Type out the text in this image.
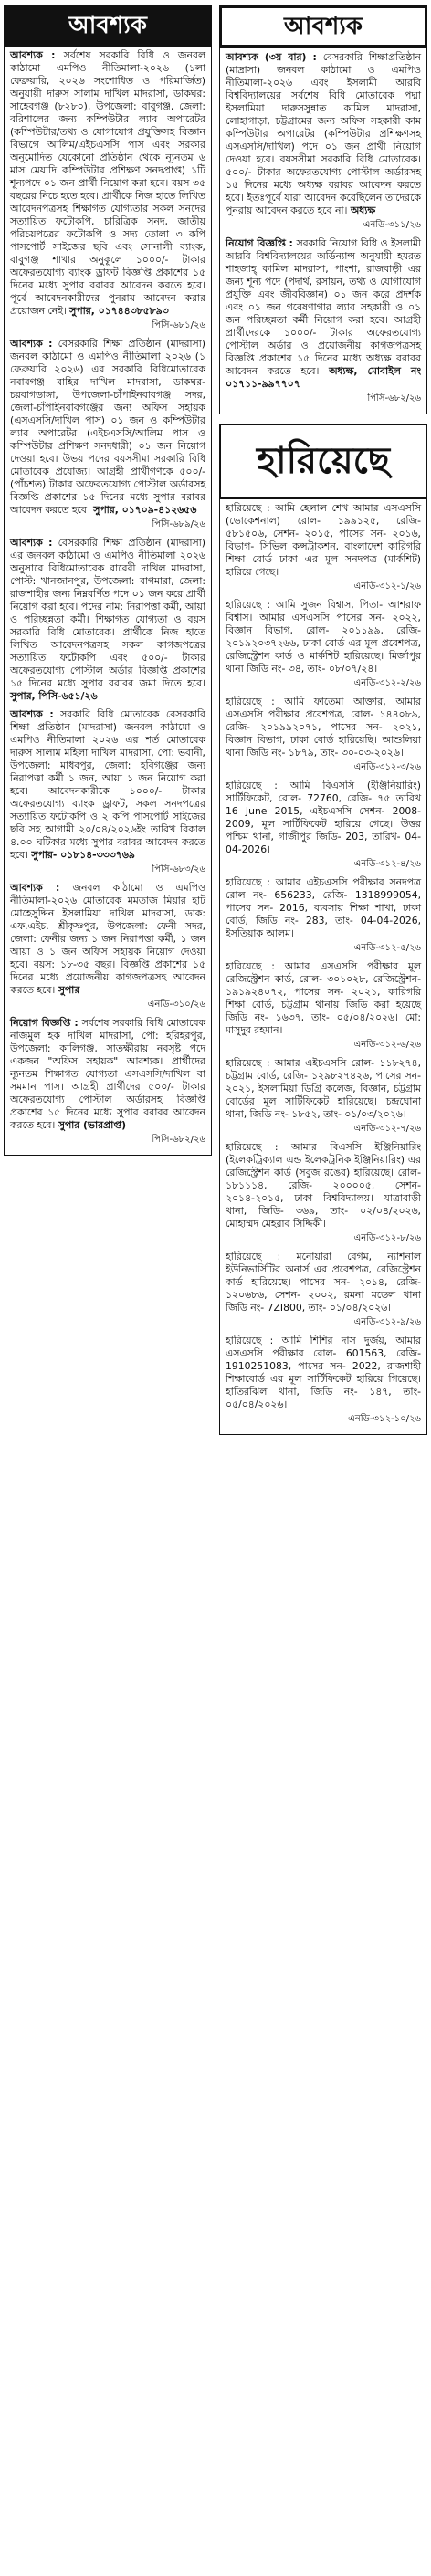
আবশ্যক

আবশ্যক : সর্বশেষ সরকারি বিধি ও জনবল কাঠামো এমপিও নীতিমালা-২০২৬ (১লা ফেব্রুয়ারি, ২০২৬ সংশোধিত ও পরিমার্জিত) অনুযায়ী দারুস সালাম দাখিল মাদরাসা, ডাকঘর: সাহেবগঞ্জ (৮২৮০), উপজেলা: বাবুগঞ্জ, জেলা: বরিশালের জন্য কম্পিউটার ল্যাব অপারেটর (কম্পিউটার/তথ্য ও যোগাযোগ প্রযুক্তিসহ বিজ্ঞান বিভাগে আলিম/এইচএসসি পাস এবং সরকার অনুমোদিত যেকোনো প্রতিষ্ঠান থেকে ন্যূনতম ৬ মাস মেয়াদি কম্পিউটার প্রশিক্ষণ সনদপ্রাপ্ত) ১টি শূন্যপদে ০১ জন প্রার্থী নিয়োগ করা হবে। বয়স ৩৫ বছরের নিচে হতে হবে। প্রার্থীকে নিজ হাতে লিখিত আবেদনপত্রসহ শিক্ষাগত যোগ্যতার সকল সনদের সত্যায়িত ফটোকপি, চারিত্রিক সনদ, জাতীয় পরিচয়পত্রের ফটোকপি ও সদ্য তোলা ৩ কপি পাসপোর্ট সাইজের ছবি এবং সোনালী ব্যাংক, বাবুগঞ্জ শাখার অনুকূলে ১০০০/- টাকার অফেরতযোগ্য ব্যাংক ড্রাফট বিজ্ঞপ্তি প্রকাশের ১৫ দিনের মধ্যে সুপার বরাবর আবেদন করতে হবে। পূর্বে আবেদনকারীদের পুনরায় আবেদন করার প্রয়োজন নেই। সুপার, ০১৭৪৪৩৮৫৮৯৩

পিসি-৬৮১/২৬

আবশ্যক : বেসরকারি শিক্ষা প্রতিষ্ঠান (মাদরাসা) জনবল কাঠামো ও এমপিও নীতিমালা ২০২৬ (১ ফেব্রুয়ারি ২০২৬) এর সরকারি বিধিমোতাবেক নবাবগঞ্জ বাহির দাখিল মাদরাসা, ডাকঘর-চরবাগডাঙ্গা, উপজেলা-চাঁপাইনবাবগঞ্জ সদর, জেলা-চাঁপাইনবাবগঞ্জের জন্য অফিস সহায়ক (এসএসসি/দাখিল পাস) ০১ জন ও কম্পিউটার ল্যাব অপারেটর (এইচএসসি/আলিম পাস ও কম্পিউটার প্রশিক্ষণ সনদধারী) ০১ জন নিয়োগ দেওয়া হবে। উভয় পদের বয়সসীমা সরকারি বিধি মোতাবেক প্রযোজ্য। আগ্রহী প্রার্থীগণকে ৫০০/- (পাঁচশত) টাকার অফেরতযোগ্য পোস্টাল অর্ডারসহ বিজ্ঞপ্তি প্রকাশের ১৫ দিনের মধ্যে সুপার বরাবর আবেদন করতে হবে। সুপার, ০১৭০৯-৪১২৬৫৬

পিসি-৬৮৯/২৬

আবশ্যক : বেসরকারি শিক্ষা প্রতিষ্ঠান (মাদরাসা) এর জনবল কাঠামো ও এমপিও নীতিমালা ২০২৬ অনুসারে বিধিমোতাবেক রারেরী দাখিল মাদরাসা, পোস্ট: খানজানপুর, উপজেলা: বাগমারা, জেলা: রাজশাহীর জন্য নিম্নবর্ণিত পদে ০১ জন করে প্রার্থী নিয়োগ করা হবে। পদের নাম: নিরাপত্তা কর্মী, আয়া ও পরিচ্ছন্নতা কর্মী। শিক্ষাগত যোগ্যতা ও বয়স সরকারি বিধি মোতাবেক। প্রার্থীকে নিজ হাতে লিখিত আবেদনপত্রসহ সকল কাগজপত্রের সত্যায়িত ফটোকপি এবং ৫০০/- টাকার অফেরতযোগ্য পোস্টাল অর্ডার বিজ্ঞপ্তি প্রকাশের ১৫ দিনের মধ্যে সুপার বরাবর জমা দিতে হবে। সুপার, পিসি-৬৫১/২৬

আবশ্যক : সরকারি বিধি মোতাবেক বেসরকারি শিক্ষা প্রতিষ্ঠান (মাদরাসা) জনবল কাঠামো ও এমপিও নীতিমালা ২০২৬ এর শর্ত মোতাবেক দারুস সালাম মহিলা দাখিল মাদরাসা, পো: ভবানী, উপজেলা: মাধবপুর, জেলা: হবিগঞ্জের জন্য নিরাপত্তা কর্মী ১ জন, আয়া ১ জন নিয়োগ করা হবে। আবেদনকারীকে ১০০০/- টাকার অফেরতযোগ্য ব্যাংক ড্রাফট, সকল সনদপত্রের সত্যায়িত ফটোকপি ও ২ কপি পাসপোর্ট সাইজের ছবি সহ আগামী ২০/০৪/২০২৬ইং তারিখ বিকাল ৪.০০ ঘটিকার মধ্যে সুপার বরাবর আবেদন করতে হবে। সুপার- ০১৮১৪-৩৩৩৭৬৯

পিসি-৬৮৩/২৬

আবশ্যক : জনবল কাঠামো ও এমপিও নীতিমালা-২০২৬ মোতাবেক মমতাজ মিয়ার হাট মোহেসুদ্দিন ইসলামিয়া দাখিল মাদরাসা, ডাক: এফ.এইচ. শ্রীকৃষ্ণপুর, উপজেলা: ফেনী সদর, জেলা: ফেনীর জন্য ১ জন নিরাপত্তা কর্মী, ১ জন আয়া ও ১ জন অফিস সহায়ক নিয়োগ দেওয়া হবে। বয়স: ১৮-৩৫ বছর। বিজ্ঞপ্তি প্রকাশের ১৫ দিনের মধ্যে প্রয়োজনীয় কাগজপত্রসহ আবেদন করতে হবে। সুপার

এনডি-৩১০/২৬

নিয়োগ বিজ্ঞপ্তি : সর্বশেষ সরকারি বিধি মোতাবেক নাজমুল হক দাখিল মাদরাসা, পো: হরিহরপুর, উপজেলা: কালিগঞ্জ, সাতক্ষীরায় নবসৃষ্ট পদে একজন "অফিস সহায়ক" আবশ্যক। প্রার্থীদের ন্যূনতম শিক্ষাগত যোগ্যতা এসএসসি/দাখিল বা সমমান পাস। আগ্রহী প্রার্থীদের ৫০০/- টাকার অফেরতযোগ্য পোস্টাল অর্ডারসহ বিজ্ঞপ্তি প্রকাশের ১৫ দিনের মধ্যে সুপার বরাবর আবেদন করতে হবে। সুপার (ভারপ্রাপ্ত)

পিসি-৬৮২/২৬
আবশ্যক

আবশ্যক (৩য় বার) : বেসরকারি শিক্ষাপ্রতিষ্ঠান (মাদ্রাসা) জনবল কাঠামো ও এমপিও নীতিমালা-২০২৬ এবং ইসলামী আরবি বিশ্ববিদ্যালয়ের সর্বশেষ বিধি মোতাবেক পদ্মা ইসলামিয়া দারুসসুন্নাত কামিল মাদরাসা, লোহাগাড়া, চট্টগ্রামের জন্য অফিস সহকারী কাম কম্পিউটার অপারেটর (কম্পিউটার প্রশিক্ষণসহ এসএসসি/দাখিল) পদে ০১ জন প্রার্থী নিয়োগ দেওয়া হবে। বয়সসীমা সরকারি বিধি মোতাবেক। ৫০০/- টাকার অফেরতযোগ্য পোস্টাল অর্ডারসহ ১৫ দিনের মধ্যে অধ্যক্ষ বরাবর আবেদন করতে হবে। ইতঃপূর্বে যারা আবেদন করেছিলেন তাদেরকে পুনরায় আবেদন করতে হবে না। অধ্যক্ষ

এনডি-৩১১/২৬

নিয়োগ বিজ্ঞপ্তি : সরকারি নিয়োগ বিধি ও ইসলামী আরবি বিশ্ববিদ্যালয়ের অর্ডিন্যান্স অনুযায়ী হযরত শাহজাহ্ কামিল মাদরাসা, পাংশা, রাজবাড়ী এর জন্য শূন্য পদে (পদার্থ, রসায়ন, তথ্য ও যোগাযোগ প্রযুক্তি এবং জীববিজ্ঞান) ০১ জন করে প্রদর্শক এবং ০১ জন গবেষণাগার ল্যাব সহকারী ও ০১ জন পরিচ্ছন্নতা কর্মী নিয়োগ করা হবে। আগ্রহী প্রার্থীদেরকে ১০০০/- টাকার অফেরতযোগ্য পোস্টাল অর্ডার ও প্রয়োজনীয় কাগজপত্রসহ বিজ্ঞপ্তি প্রকাশের ১৫ দিনের মধ্যে অধ্যক্ষ বরাবর আবেদন করতে হবে। অধ্যক্ষ, মোবাইল নং ০১৭১১-৯৯৭৭০৭

পিসি-৬৮২/২৬
হারিয়েছে

হারিয়েছে : আমি হেলাল শেখ আমার এসএসসি (ভোকেশনাল) রোল- ১৯৯১২৫, রেজি- ৫৮১৫০৬, সেশন- ২০১৫, পাসের সন- ২০১৬, বিভাগ- সিভিল কন্সট্রাকশন, বাংলাদেশ কারিগরি শিক্ষা বোর্ড ঢাকা এর মূল সনদপত্র (মার্কশিট) হারিয়ে গেছে।

এনডি-৩১২-১/২৬

হারিয়েছে : আমি সুজন বিশ্বাস, পিতা- আশরাফ বিশ্বাস। আমার এসএসসি পাসের সন- ২০২২, বিজ্ঞান বিভাগ, রোল- ২০১১৯৯, রেজি- ২০১৯২০৩৭২৬৬, ঢাকা বোর্ড এর মূল প্রবেশপত্র, রেজিস্ট্রেশন কার্ড ও মার্কশিট হারিয়েছে। মির্জাপুর থানা জিডি নং- ৩৪, তাং- ০৮/০৭/২৪।

এনডি-৩১২-২/২৬

হারিয়েছে : আমি ফাতেমা আক্তার, আমার এসএসসি পরীক্ষার প্রবেশপত্র, রোল- ১৪৪০৮৯, রেজি- ২০১৯৯২০৭১, পাসের সন- ২০২১, বিজ্ঞান বিভাগ, ঢাকা বোর্ড হারিয়েছি। আশুলিয়া থানা জিডি নং- ১৮৭৯, তাং- ৩০-০৩-২০২৬।

এনডি-৩১২-৩/২৬

হারিয়েছে : আমি বিএসসি (ইঞ্জিনিয়ারিং) সার্টিফিকেট, রোল- 72760, রেজি- ৭৫ তারিখ 16 June 2015, এইচএসসি সেশন- 2008-2009, মূল সার্টিফিকেট হারিয়ে গেছে। উত্তর পশ্চিম থানা, গাজীপুর জিডি- 203, তারিখ- 04-04-2026।

এনডি-৩১২-৪/২৬

হারিয়েছে : আমার এইচএসসি পরীক্ষার সনদপত্র রোল নং- 656233, রেজি- 1318999054, পাসের সন- 2016, ব্যবসায় শিক্ষা শাখা, ঢাকা বোর্ড, জিডি নং- 283, তাং- 04-04-2026, ইসতিয়াক আলম।

এনডি-৩১২-৫/২৬

হারিয়েছে : আমার এসএসসি পরীক্ষার মূল রেজিস্ট্রেশন কার্ড, রোল- ৩০১০২৮, রেজিস্ট্রেশন- ১৯১৯২৪০৭২, পাসের সন- ২০২১, কারিগরি শিক্ষা বোর্ড, চট্টগ্রাম থানায় জিডি করা হয়েছে জিডি নং- ১৬৩৭, তাং- ০৫/০৪/২০২৬। মো: মাসুদুর রহমান।

এনডি-৩১২-৬/২৬

হারিয়েছে : আমার এইচএসসি রোল- ১১৮২৭৪, চট্টগ্রাম বোর্ড, রেজি- ১২৯৮২৭৪২৬, পাসের সন- ২০২১, ইসলামিয়া ডিগ্রি কলেজ, বিজ্ঞান, চট্টগ্রাম বোর্ডের মূল সার্টিফিকেট হারিয়েছে। চন্দ্রঘোনা থানা, জিডি নং- ১৮৫২, তাং- ০১/০৩/২০২৬।

এনডি-৩১২-৭/২৬

হারিয়েছে : আমার বিএসসি ইঞ্জিনিয়ারিং (ইলেকট্রিক্যাল এন্ড ইলেকট্রনিক ইঞ্জিনিয়ারিং) এর রেজিস্ট্রেশন কার্ড (সবুজ রঙের) হারিয়েছে। রোল- ১৮১১১৪, রেজি- ২০০০০৫, সেশন- ২০১৪-২০১৫, ঢাকা বিশ্ববিদ্যালয়। যাত্রাবাড়ী থানা, জিডি- ৩৬৯, তাং- ০২/০৪/২০২৬, মোহাম্মদ মেহরাব সিদ্দিকী।

এনডি-৩১২-৮/২৬

হারিয়েছে : মনোয়ারা বেগম, ন্যাশনাল ইউনিভার্সিটির অনার্স এর প্রবেশপত্র, রেজিস্ট্রেশন কার্ড হারিয়েছে। পাসের সন- ২০১৪, রেজি- ১২০৬৮৬, সেশন- ২০০২, রমনা মডেল থানা জিডি নং- 7ZI800, তাং- ০১/০৪/২০২৬।

এনডি-৩১২-৯/২৬

হারিয়েছে : আমি শিশির দাস দুর্জয়, আমার এসএসসি পরীক্ষার রোল- 601563, রেজি- 1910251083, পাসের সন- 2022, রাজশাহী শিক্ষাবোর্ড এর মূল সার্টিফিকেট হারিয়ে গিয়েছে। হাতিরঝিল থানা, জিডি নং- ১৪৭, তাং- ০৫/০৪/২০২৬।

এনডি-৩১২-১০/২৬
